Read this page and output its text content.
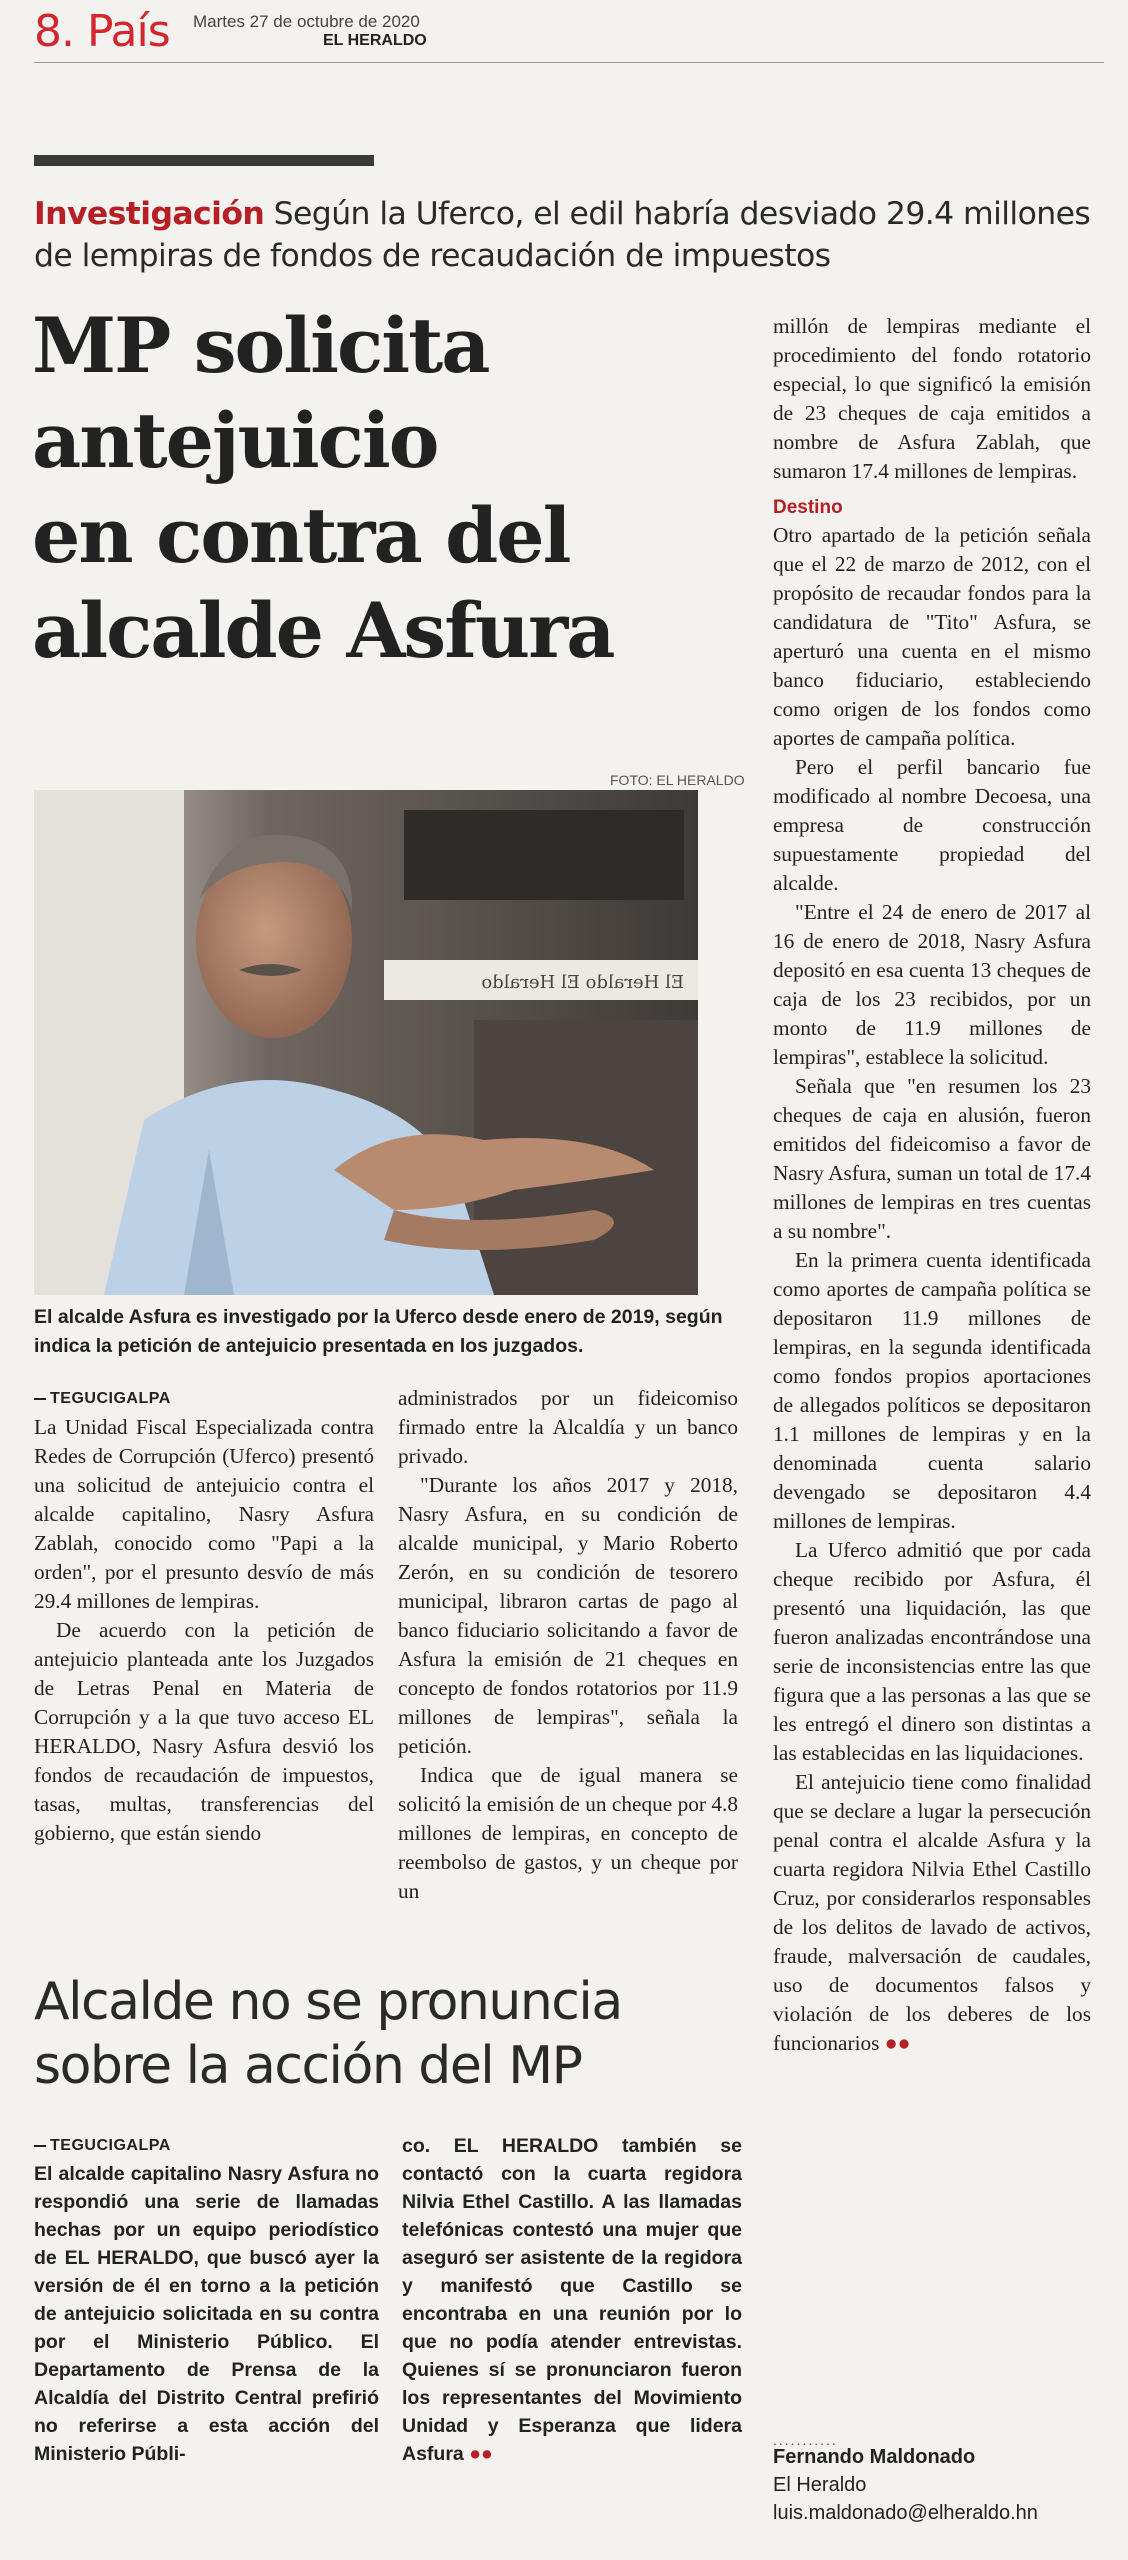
8. País Martes 27 de octubre de 2020
EL HERALDO
Investigación Según la Uferco, el edil habría desviado 29.4 millones de lempiras de fondos de recaudación de impuestos
MP solicita
antejuicio
en contra del
alcalde Asfura
FOTO: EL HERALDO
El Heraldo El Heraldo
El alcalde Asfura es investigado por la Uferco desde enero de 2019, según indica la petición de antejuicio presentada en los juzgados.
TEGUCIGALPA

La Unidad Fiscal Especializada contra Redes de Corrupción (Uferco) presentó una solicitud de antejuicio contra el alcalde capitalino, Nasry Asfura Zablah, conocido como "Papi a la orden", por el presunto desvío de más 29.4 millones de lempiras.

De acuerdo con la petición de antejuicio planteada ante los Juzgados de Letras Penal en Materia de Corrupción y a la que tuvo acceso EL HERALDO, Nasry Asfura desvió los fondos de recaudación de impuestos, tasas, multas, transferencias del gobierno, que están siendo

administrados por un fideicomiso firmado entre la Alcaldía y un banco privado.

"Durante los años 2017 y 2018, Nasry Asfura, en su condición de alcalde municipal, y Mario Roberto Zerón, en su condición de tesorero municipal, libraron cartas de pago al banco fiduciario solicitando a favor de Asfura la emisión de 21 cheques en concepto de fondos rotatorios por 11.9 millones de lempiras", señala la petición.

Indica que de igual manera se solicitó la emisión de un cheque por 4.8 millones de lempiras, en concepto de reembolso de gastos, y un cheque por un

millón de lempiras mediante el procedimiento del fondo rotatorio especial, lo que significó la emisión de 23 cheques de caja emitidos a nombre de Asfura Zablah, que sumaron 17.4 millones de lempiras.

Destino

Otro apartado de la petición señala que el 22 de marzo de 2012, con el propósito de recaudar fondos para la candidatura de "Tito" Asfura, se aperturó una cuenta en el mismo banco fiduciario, estableciendo como origen de los fondos como aportes de campaña política.

Pero el perfil bancario fue modificado al nombre Decoesa, una empresa de construcción supuestamente propiedad del alcalde.

"Entre el 24 de enero de 2017 al 16 de enero de 2018, Nasry Asfura depositó en esa cuenta 13 cheques de caja de los 23 recibidos, por un monto de 11.9 millones de lempiras", establece la solicitud.

Señala que "en resumen los 23 cheques de caja en alusión, fueron emitidos del fideicomiso a favor de Nasry Asfura, suman un total de 17.4 millones de lempiras en tres cuentas a su nombre".

En la primera cuenta identificada como aportes de campaña política se depositaron 11.9 millones de lempiras, en la segunda identificada como fondos propios aportaciones de allegados políticos se depositaron 1.1 millones de lempiras y en la denominada cuenta salario devengado se depositaron 4.4 millones de lempiras.

La Uferco admitió que por cada cheque recibido por Asfura, él presentó una liquidación, las que fueron analizadas encontrándose una serie de inconsistencias entre las que figura que a las personas a las que se les entregó el dinero son distintas a las establecidas en las liquidaciones.

El antejuicio tiene como finalidad que se declare a lugar la persecución penal contra el alcalde Asfura y la cuarta regidora Nilvia Ethel Castillo Cruz, por considerarlos responsables de los delitos de lavado de activos, fraude, malversación de caudales, uso de documentos falsos y violación de los deberes de los funcionarios ●●

Alcalde no se pronuncia sobre la acción del MP
TEGUCIGALPA
El alcalde capitalino Nasry Asfura no respondió una serie de llamadas hechas por un equipo periodístico de EL HERALDO, que buscó ayer la versión de él en torno a la petición de antejuicio solicitada en su contra por el Ministerio Público. El Departamento de Prensa de la Alcaldía del Distrito Central prefirió no referirse a esta acción del Ministerio Públi-
co. EL HERALDO también se contactó con la cuarta regidora Nilvia Ethel Castillo. A las llamadas telefónicas contestó una mujer que aseguró ser asistente de la regidora y manifestó que Castillo se encontraba en una reunión por lo que no podía atender entrevistas. Quienes sí se pronunciaron fueron los representantes del Movimiento Unidad y Esperanza que lidera Asfura ●●
...........
Fernando Maldonado
El Heraldo
luis.maldonado@elheraldo.hn
